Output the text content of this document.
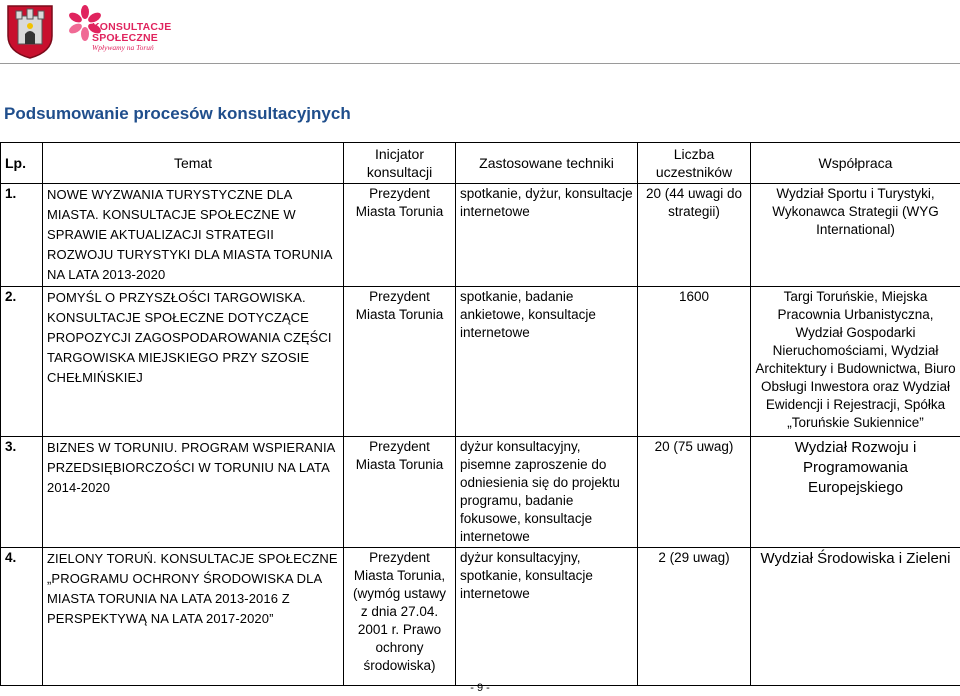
KONSULTACJE
SPOŁECZNE
Wpływamy na Toruń
Podsumowanie procesów konsultacyjnych
Lp.	Temat	Inicjator konsultacji	Zastosowane techniki	Liczba uczestników	Współpraca
1.	NOWE WYZWANIA TURYSTYCZNE DLA MIASTA. KONSULTACJE SPOŁECZNE W SPRAWIE AKTUALIZACJI STRATEGII ROZWOJU TURYSTYKI DLA MIASTA TORUNIA NA LATA 2013-2020	Prezydent Miasta Torunia	spotkanie, dyżur, konsultacje internetowe	20 (44 uwagi do strategii)	Wydział Sportu i Turystyki, Wykonawca Strategii (WYG International)
2.	POMYŚL O PRZYSZŁOŚCI TARGOWISKA. KONSULTACJE SPOŁECZNE DOTYCZĄCE PROPOZYCJI ZAGOSPODAROWANIA CZĘŚCI TARGOWISKA MIEJSKIEGO PRZY SZOSIE CHEŁMIŃSKIEJ	Prezydent Miasta Torunia	spotkanie, badanie ankietowe, konsultacje internetowe	1600	Targi Toruńskie, Miejska Pracownia Urbanistyczna, Wydział Gospodarki Nieruchomościami, Wydział Architektury i Budownictwa, Biuro Obsługi Inwestora oraz Wydział Ewidencji i Rejestracji, Spółka „Toruńskie Sukiennice”
3.	BIZNES W TORUNIU. PROGRAM WSPIERANIA PRZEDSIĘBIORCZOŚCI W TORUNIU NA LATA 2014-2020	Prezydent Miasta Torunia	dyżur konsultacyjny, pisemne zaproszenie do odniesienia się do projektu programu, badanie fokusowe, konsultacje internetowe	20 (75 uwag)	Wydział Rozwoju i Programowania Europejskiego
4.	ZIELONY TORUŃ. KONSULTACJE SPOŁECZNE „PROGRAMU OCHRONY ŚRODOWISKA DLA MIASTA TORUNIA NA LATA 2013-2016 Z PERSPEKTYWĄ NA LATA 2017-2020”	Prezydent Miasta Torunia, (wymóg ustawy z dnia 27.04. 2001 r. Prawo ochrony środowiska)	dyżur konsultacyjny, spotkanie, konsultacje internetowe	2 (29 uwag)	Wydział Środowiska i Zieleni
- 9 -
